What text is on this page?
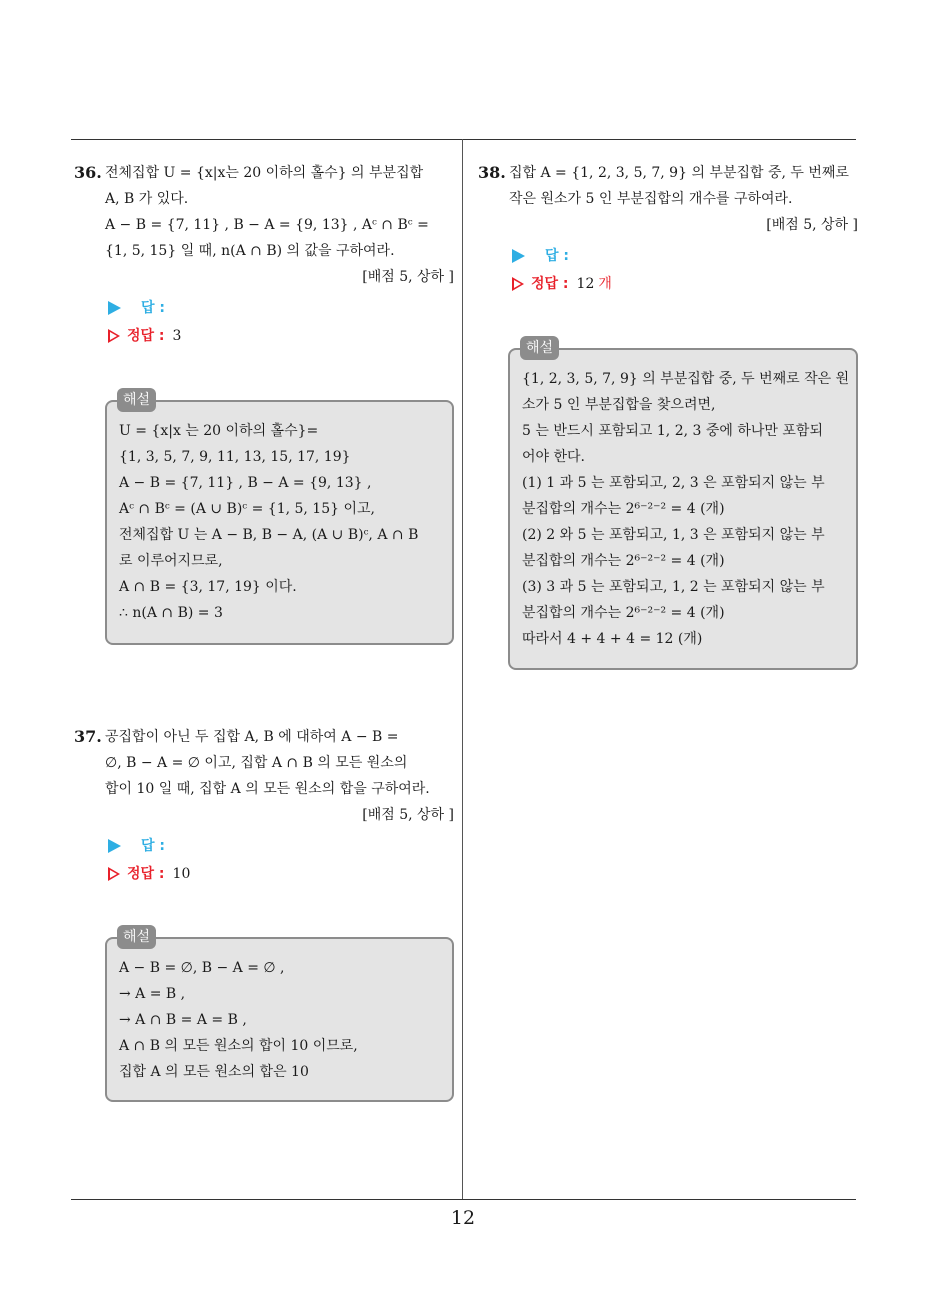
12
36. 전체집합 U = {x|x는 20 이하의 홀수} 의 부분집합
A, B 가 있다.
A − B = {7, 11} , B − A = {9, 13} , Aᶜ ∩ Bᶜ =
{1, 5, 15} 일 때, n(A ∩ B) 의 값을 구하여라.

[배점 5, 상하 ]

답 :
정답 : 3
해설

U = {x|x 는 20 이하의 홀수}=

{1, 3, 5, 7, 9, 11, 13, 15, 17, 19}

A − B = {7, 11} , B − A = {9, 13} ,

Aᶜ ∩ Bᶜ = (A ∪ B)ᶜ = {1, 5, 15} 이고,

전체집합 U 는 A − B, B − A, (A ∪ B)ᶜ, A ∩ B

로 이루어지므로,

A ∩ B = {3, 17, 19} 이다.

∴ n(A ∩ B) = 3

37. 공집합이 아닌 두 집합 A, B 에 대하여 A − B =
∅, B − A = ∅ 이고, 집합 A ∩ B 의 모든 원소의
합이 10 일 때, 집합 A 의 모든 원소의 합을 구하여라.

[배점 5, 상하 ]

답 :
정답 : 10
해설

A − B = ∅, B − A = ∅ ,

→ A = B ,

→ A ∩ B = A = B ,

A ∩ B 의 모든 원소의 합이 10 이므로,

집합 A 의 모든 원소의 합은 10

38. 집합 A = {1, 2, 3, 5, 7, 9} 의 부분집합 중, 두 번째로
작은 원소가 5 인 부분집합의 개수를 구하여라.

[배점 5, 상하 ]

답 :
정답 : 12 개
해설

{1, 2, 3, 5, 7, 9} 의 부분집합 중, 두 번째로 작은 원

소가 5 인 부분집합을 찾으려면,

5 는 반드시 포함되고 1, 2, 3 중에 하나만 포함되

어야 한다.

(1) 1 과 5 는 포함되고, 2, 3 은 포함되지 않는 부

분집합의 개수는 2⁶⁻²⁻² = 4 (개)

(2) 2 와 5 는 포함되고, 1, 3 은 포함되지 않는 부

분집합의 개수는 2⁶⁻²⁻² = 4 (개)

(3) 3 과 5 는 포함되고, 1, 2 는 포함되지 않는 부

분집합의 개수는 2⁶⁻²⁻² = 4 (개)

따라서 4 + 4 + 4 = 12 (개)
